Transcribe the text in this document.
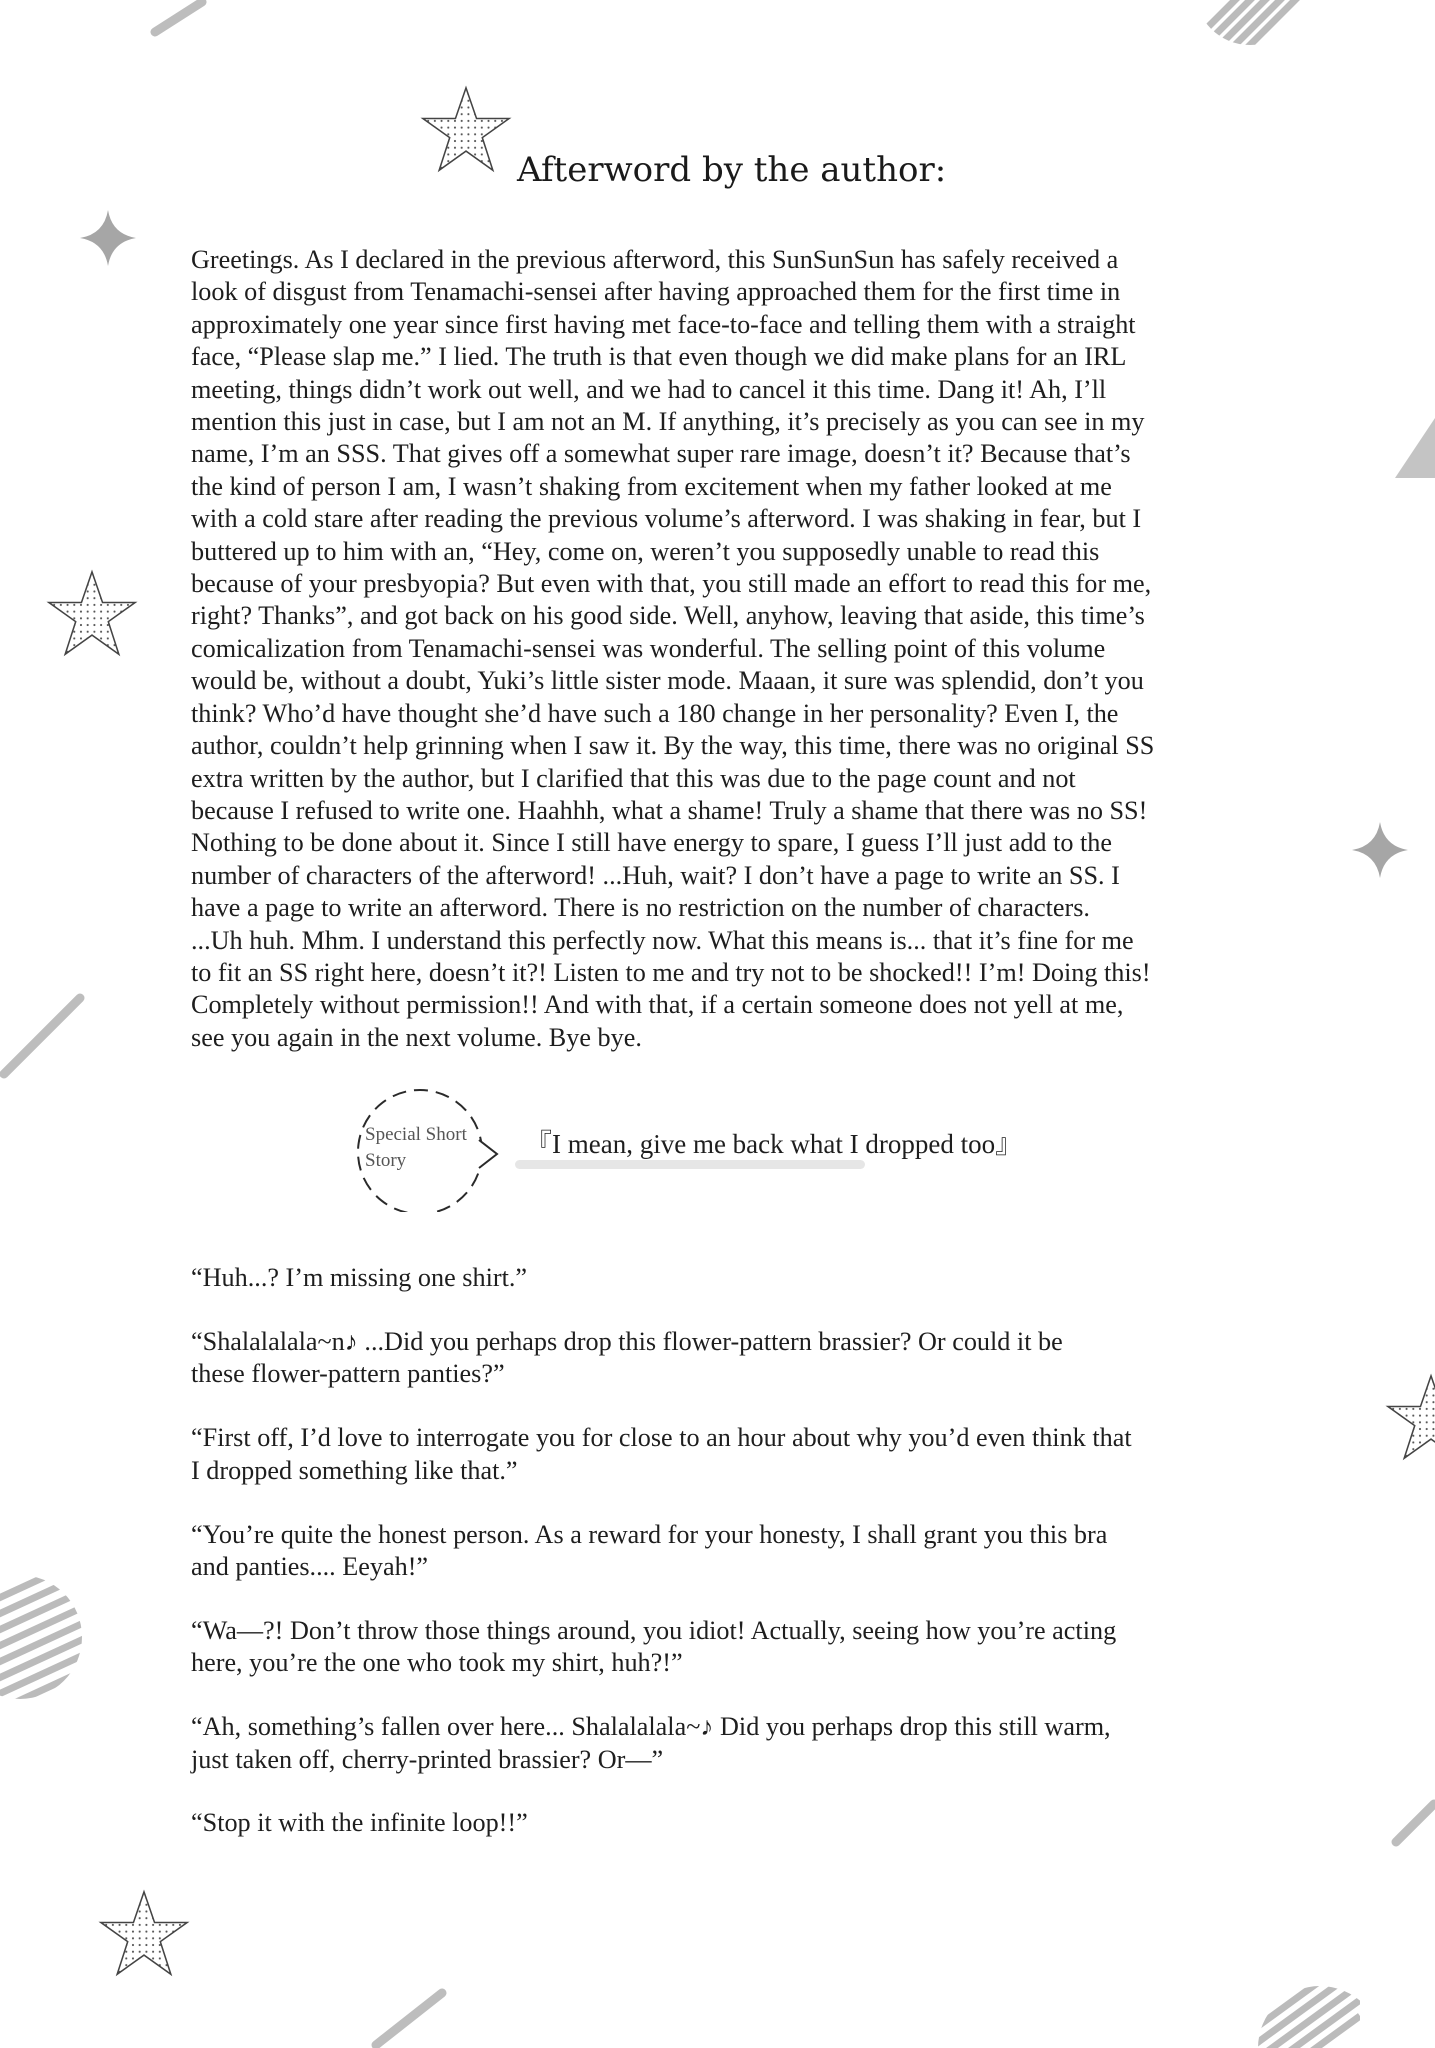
Afterword by the author:
Greetings. As I declared in the previous afterword, this SunSunSun has safely received a
look of disgust from Tenamachi-sensei after having approached them for the first time in
approximately one year since first having met face-to-face and telling them with a straight
face, “Please slap me.” I lied. The truth is that even though we did make plans for an IRL
meeting, things didn’t work out well, and we had to cancel it this time. Dang it! Ah, I’ll
mention this just in case, but I am not an M. If anything, it’s precisely as you can see in my
name, I’m an SSS. That gives off a somewhat super rare image, doesn’t it? Because that’s
the kind of person I am, I wasn’t shaking from excitement when my father looked at me
with a cold stare after reading the previous volume’s afterword. I was shaking in fear, but I
buttered up to him with an, “Hey, come on, weren’t you supposedly unable to read this
because of your presbyopia? But even with that, you still made an effort to read this for me,
right? Thanks”, and got back on his good side. Well, anyhow, leaving that aside, this time’s
comicalization from Tenamachi-sensei was wonderful. The selling point of this volume
would be, without a doubt, Yuki’s little sister mode. Maaan, it sure was splendid, don’t you
think? Who’d have thought she’d have such a 180 change in her personality? Even I, the
author, couldn’t help grinning when I saw it. By the way, this time, there was no original SS
extra written by the author, but I clarified that this was due to the page count and not
because I refused to write one. Haahhh, what a shame! Truly a shame that there was no SS!
Nothing to be done about it. Since I still have energy to spare, I guess I’ll just add to the
number of characters of the afterword! ...Huh, wait? I don’t have a page to write an SS. I
have a page to write an afterword. There is no restriction on the number of characters.
...Uh huh. Mhm. I understand this perfectly now. What this means is... that it’s fine for me
to fit an SS right here, doesn’t it?! Listen to me and try not to be shocked!! I’m! Doing this!
Completely without permission!! And with that, if a certain someone does not yell at me,
see you again in the next volume. Bye bye.
Special Short
Story
『I mean, give me back what I dropped too』
“Huh...? I’m missing one shirt.”
“Shalalalala~n♪ ...Did you perhaps drop this flower-pattern brassier? Or could it be
these flower-pattern panties?”
“First off, I’d love to interrogate you for close to an hour about why you’d even think that
I dropped something like that.”
“You’re quite the honest person. As a reward for your honesty, I shall grant you this bra
and panties.... Eeyah!”
“Wa—?! Don’t throw those things around, you idiot! Actually, seeing how you’re acting
here, you’re the one who took my shirt, huh?!”
“Ah, something’s fallen over here... Shalalalala~♪ Did you perhaps drop this still warm,
just taken off, cherry-printed brassier? Or—”
“Stop it with the infinite loop!!”
